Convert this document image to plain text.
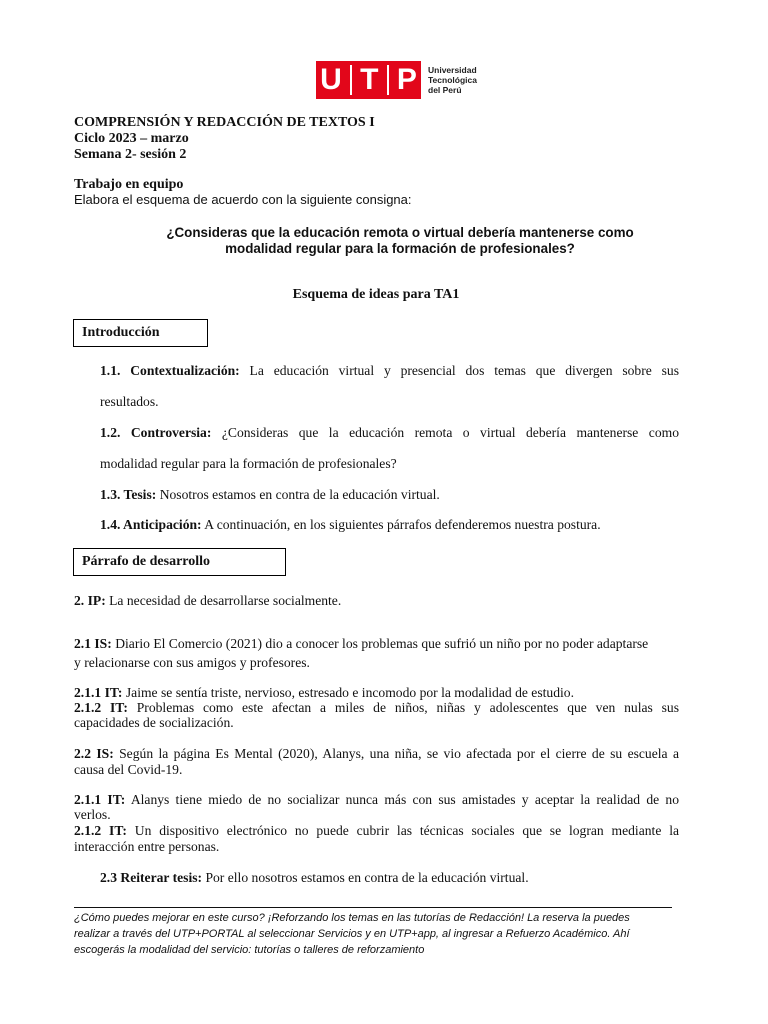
U T P Universidad
Tecnológica
del Perú
COMPRENSIÓN Y REDACCIÓN DE TEXTOS I
Ciclo 2023 – marzo
Semana 2- sesión 2
Trabajo en equipo
Elabora el esquema de acuerdo con la siguiente consigna:
¿Consideras que la educación remota o virtual debería mantenerse como
modalidad regular para la formación de profesionales?
Esquema de ideas para TA1
Introducción
1.1. Contextualización: La educación virtual y presencial dos temas que divergen sobre sus
resultados.
1.2. Controversia: ¿Consideras que la educación remota o virtual debería mantenerse como
modalidad regular para la formación de profesionales?
1.3. Tesis: Nosotros estamos en contra de la educación virtual.
1.4. Anticipación: A continuación, en los siguientes párrafos defenderemos nuestra postura.
Párrafo de desarrollo
2. IP: La necesidad de desarrollarse socialmente.
2.1 IS: Diario El Comercio (2021) dio a conocer los problemas que sufrió un niño por no poder adaptarse
y relacionarse con sus amigos y profesores.
2.1.1 IT: Jaime se sentía triste, nervioso, estresado e incomodo por la modalidad de estudio.
2.1.2 IT: Problemas como este afectan a miles de niños, niñas y adolescentes que ven nulas sus
capacidades de socialización.
2.2 IS: Según la página Es Mental (2020), Alanys, una niña, se vio afectada por el cierre de su escuela a
causa del Covid-19.
2.1.1 IT: Alanys tiene miedo de no socializar nunca más con sus amistades y aceptar la realidad de no
verlos.
2.1.2 IT: Un dispositivo electrónico no puede cubrir las técnicas sociales que se logran mediante la
interacción entre personas.
2.3 Reiterar tesis: Por ello nosotros estamos en contra de la educación virtual.
¿Cómo puedes mejorar en este curso? ¡Reforzando los temas en las tutorías de Redacción! La reserva la puedes
realizar a través del UTP+PORTAL al seleccionar Servicios y en UTP+app, al ingresar a Refuerzo Académico. Ahí
escogerás la modalidad del servicio: tutorías o talleres de reforzamiento
